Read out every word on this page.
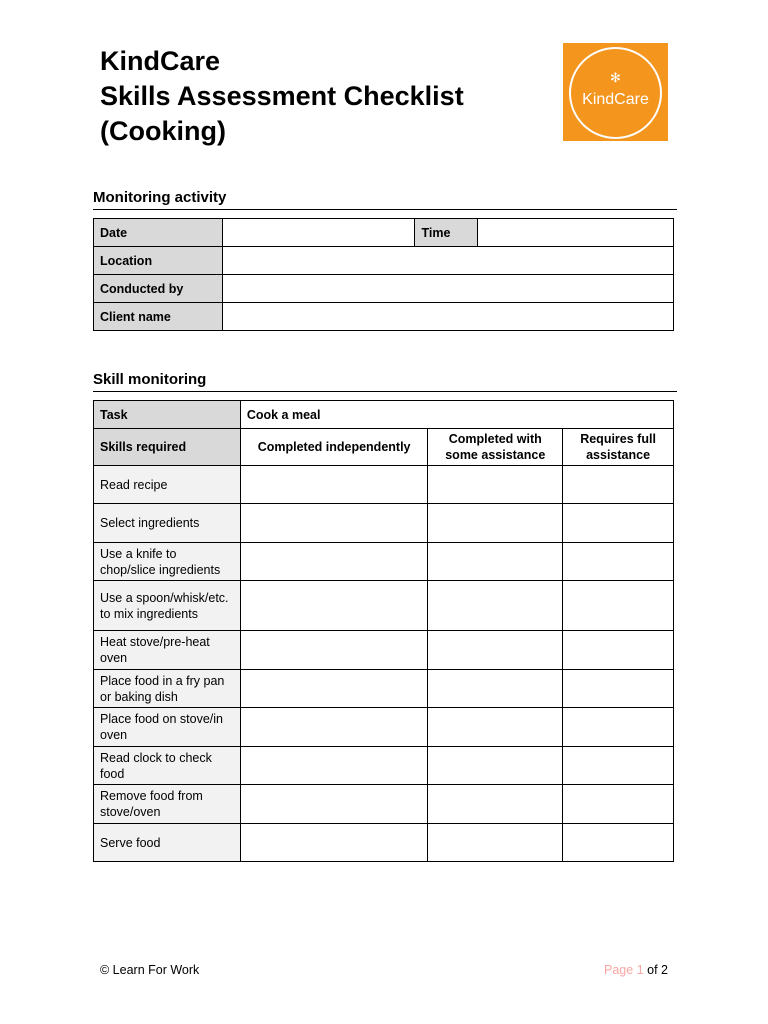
KindCare
Skills Assessment Checklist
(Cooking)
✻
KindCare
Monitoring activity
Date		Time	
Location			
Conducted by			
Client name			
Skill monitoring
Task	Cook a meal		
Skills required	Completed independently	Completed with some assistance	Requires full assistance
Read recipe			
Select ingredients			
Use a knife to chop/slice ingredients			
Use a spoon/whisk/etc. to mix ingredients			
Heat stove/pre-heat oven			
Place food in a fry pan or baking dish			
Place food on stove/in oven			
Read clock to check food			
Remove food from stove/oven			
Serve food			
© Learn For Work	Page 1 of 2
